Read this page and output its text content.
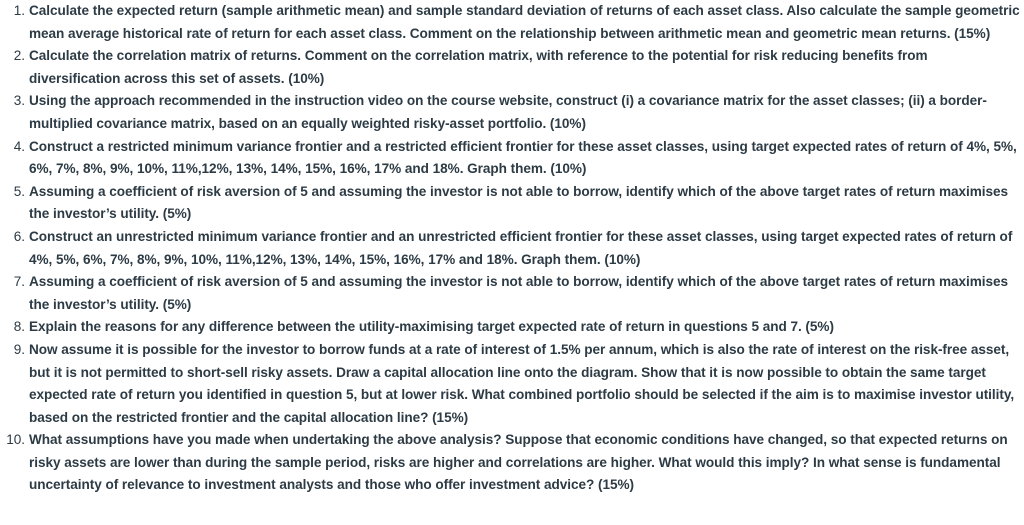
1. Calculate the expected return (sample arithmetic mean) and sample standard deviation of returns of each asset class. Also calculate the sample geometric mean average historical rate of return for each asset class. Comment on the relationship between arithmetic mean and geometric mean returns. (15%)
2. Calculate the correlation matrix of returns. Comment on the correlation matrix, with reference to the potential for risk reducing benefits from diversification across this set of assets. (10%)
3. Using the approach recommended in the instruction video on the course website, construct (i) a covariance matrix for the asset classes; (ii) a border-multiplied covariance matrix, based on an equally weighted risky-asset portfolio. (10%)
4. Construct a restricted minimum variance frontier and a restricted efficient frontier for these asset classes, using target expected rates of return of 4%, 5%, 6%, 7%, 8%, 9%, 10%, 11%,12%, 13%, 14%, 15%, 16%, 17% and 18%. Graph them. (10%)
5. Assuming a coefficient of risk aversion of 5 and assuming the investor is not able to borrow, identify which of the above target rates of return maximises the investor’s utility. (5%)
6. Construct an unrestricted minimum variance frontier and an unrestricted efficient frontier for these asset classes, using target expected rates of return of 4%, 5%, 6%, 7%, 8%, 9%, 10%, 11%,12%, 13%, 14%, 15%, 16%, 17% and 18%. Graph them. (10%)
7. Assuming a coefficient of risk aversion of 5 and assuming the investor is not able to borrow, identify which of the above target rates of return maximises the investor’s utility. (5%)
8. Explain the reasons for any difference between the utility-maximising target expected rate of return in questions 5 and 7. (5%)
9. Now assume it is possible for the investor to borrow funds at a rate of interest of 1.5% per annum, which is also the rate of interest on the risk-free asset, but it is not permitted to short-sell risky assets. Draw a capital allocation line onto the diagram. Show that it is now possible to obtain the same target expected rate of return you identified in question 5, but at lower risk. What combined portfolio should be selected if the aim is to maximise investor utility, based on the restricted frontier and the capital allocation line? (15%)
10. What assumptions have you made when undertaking the above analysis? Suppose that economic conditions have changed, so that expected returns on risky assets are lower than during the sample period, risks are higher and correlations are higher. What would this imply? In what sense is fundamental uncertainty of relevance to investment analysts and those who offer investment advice? (15%)
